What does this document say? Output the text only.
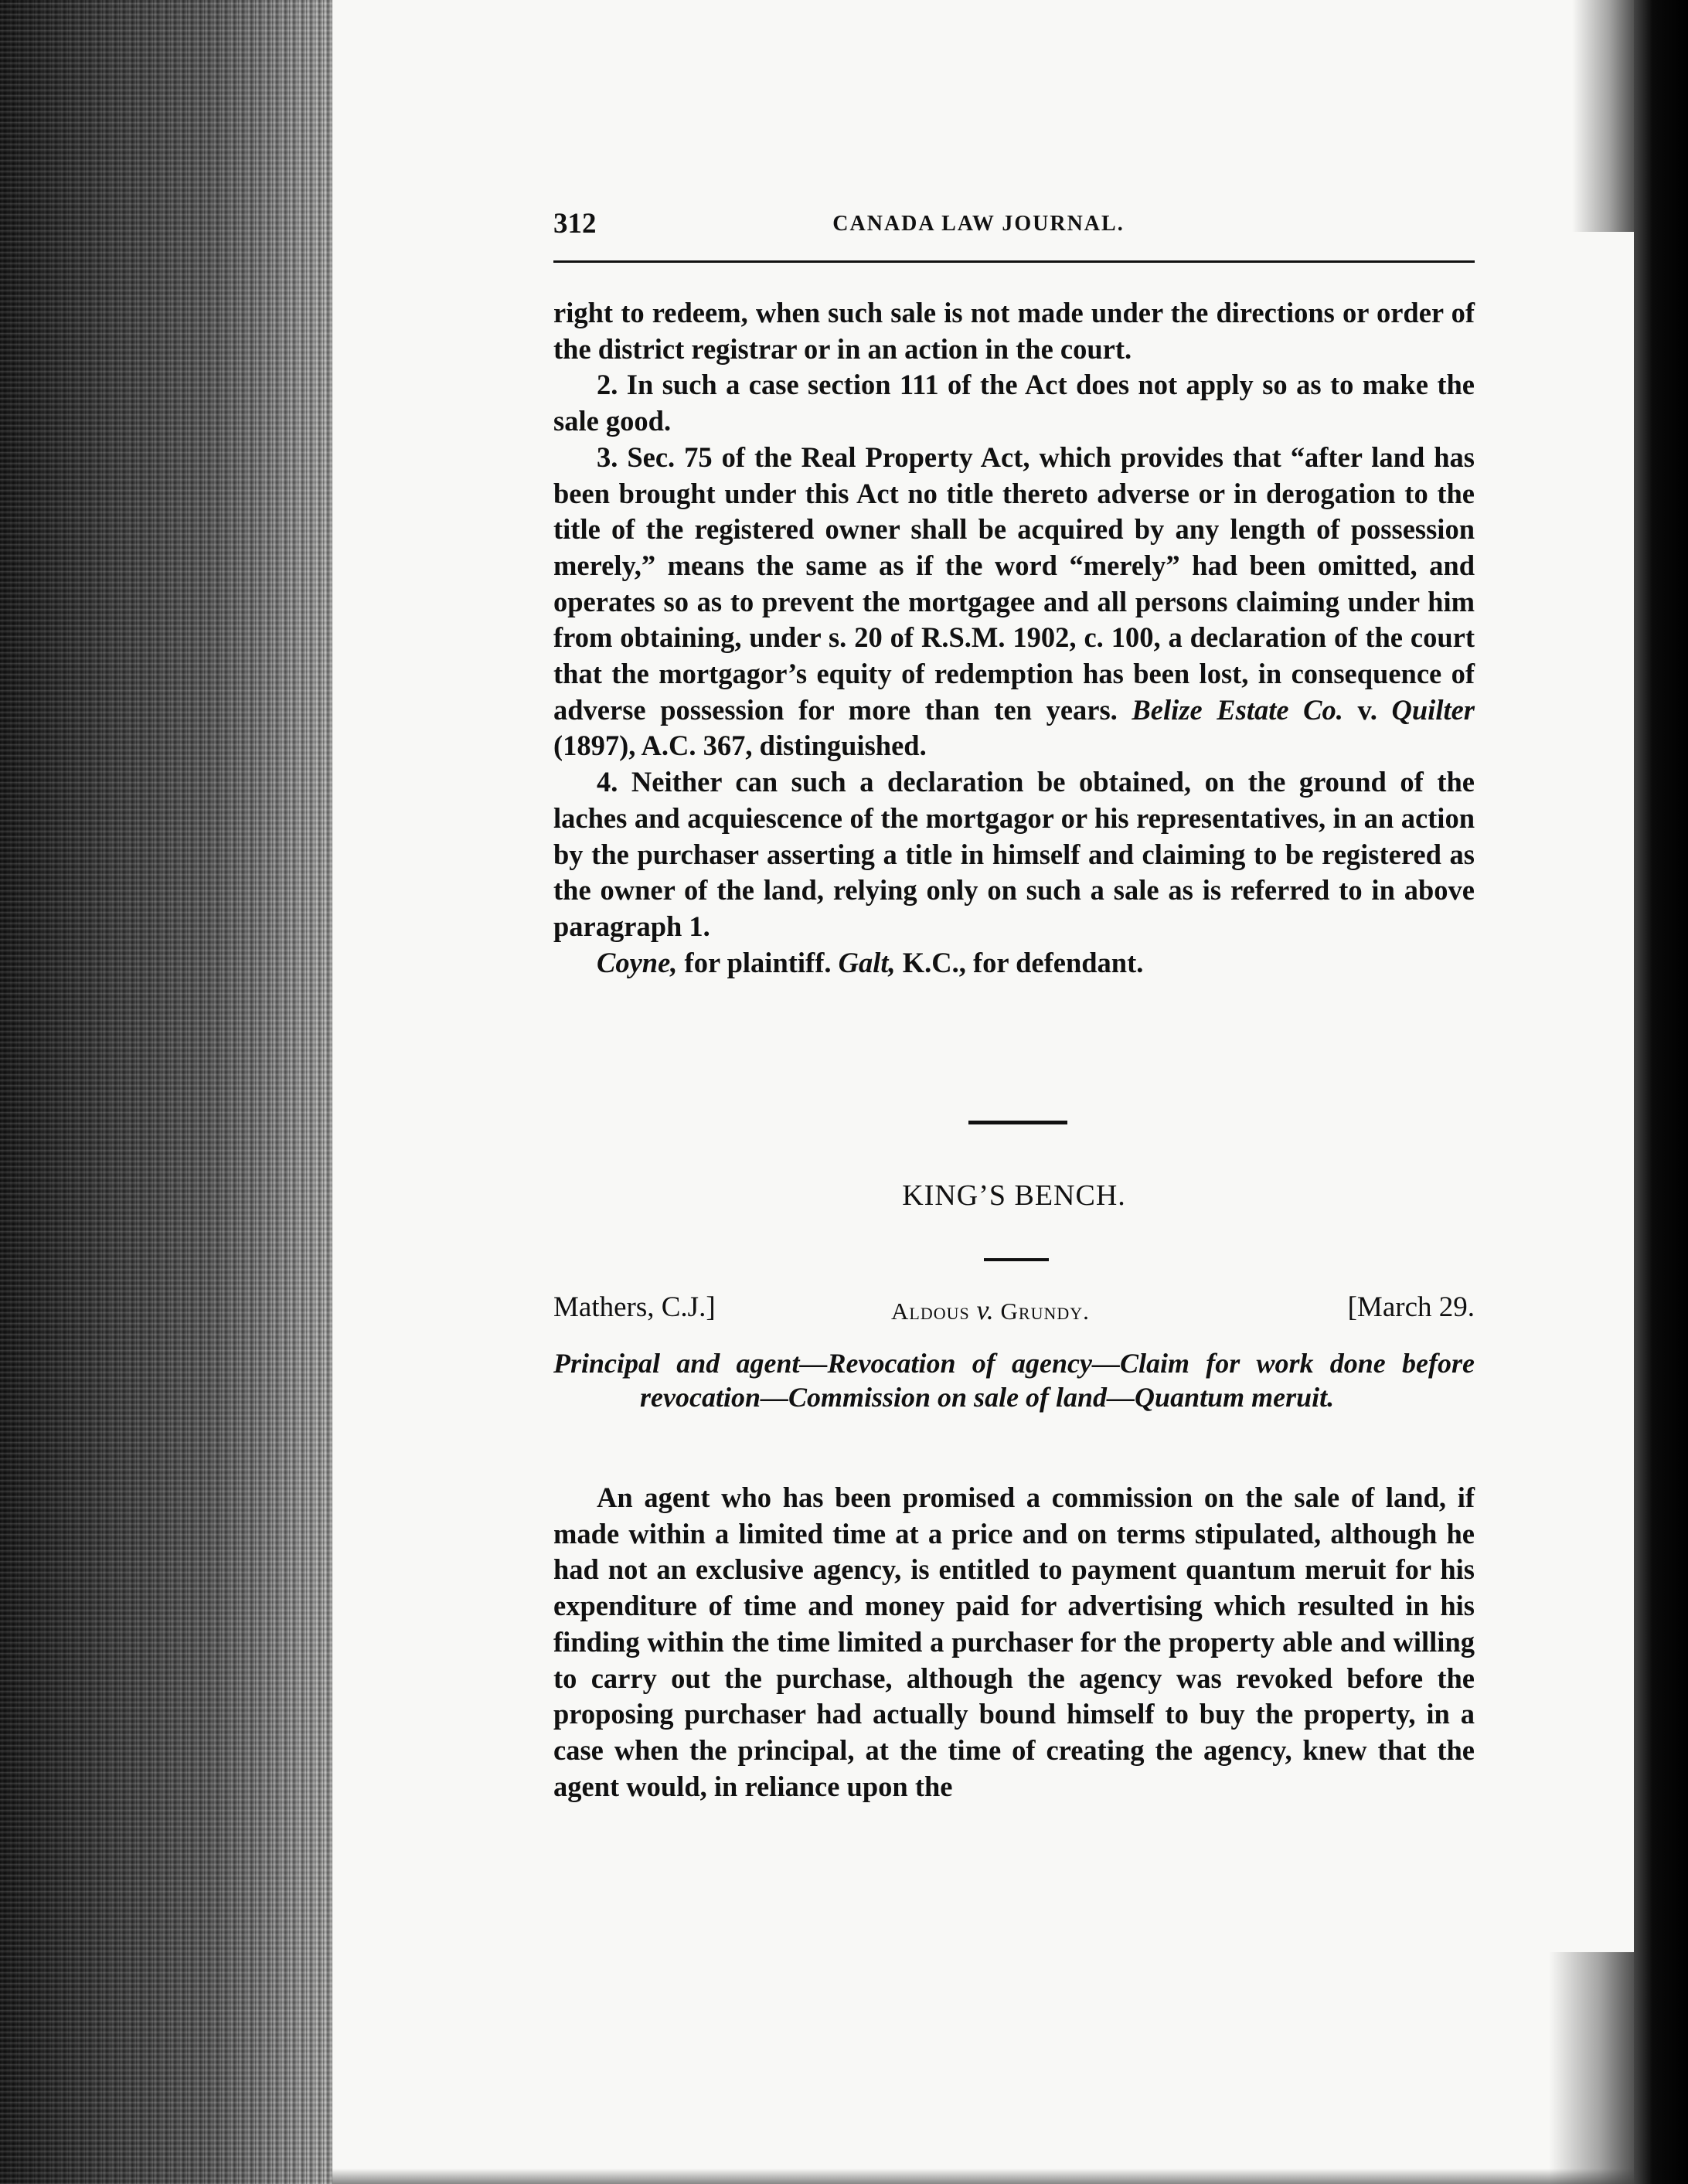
312	CANADA LAW JOURNAL.

right to redeem, when such sale is not made under the directions or order of the district registrar or in an action in the court.

2. In such a case section 111 of the Act does not apply so as to make the sale good.

3. Sec. 75 of the Real Property Act, which provides that “after land has been brought under this Act no title thereto adverse or in derogation to the title of the registered owner shall be acquired by any length of possession merely,” means the same as if the word “merely” had been omitted, and operates so as to prevent the mortgagee and all persons claiming under him from obtaining, under s. 20 of R.S.M. 1902, c. 100, a declaration of the court that the mortgagor’s equity of redemption has been lost, in consequence of adverse possession for more than ten years. Belize Estate Co. v. Quilter (1897), A.C. 367, distinguished.

4. Neither can such a declaration be obtained, on the ground of the laches and acquiescence of the mortgagor or his representatives, in an action by the purchaser asserting a title in himself and claiming to be registered as the owner of the land, relying only on such a sale as is referred to in above paragraph 1.

Coyne, for plaintiff. Galt, K.C., for defendant.

KING’S BENCH.
Mathers, C.J.]	Aldous v. Grundy.	[March 29.
Principal and agent—Revocation of agency—Claim for work done before revocation—Commission on sale of land—Quantum meruit.
An agent who has been promised a commission on the sale of land, if made within a limited time at a price and on terms stipulated, although he had not an exclusive agency, is entitled to payment quantum meruit for his expenditure of time and money paid for advertising which resulted in his finding within the time limited a purchaser for the property able and willing to carry out the purchase, although the agency was revoked before the proposing purchaser had actually bound himself to buy the property, in a case when the principal, at the time of creating the agency, knew that the agent would, in reliance upon the
